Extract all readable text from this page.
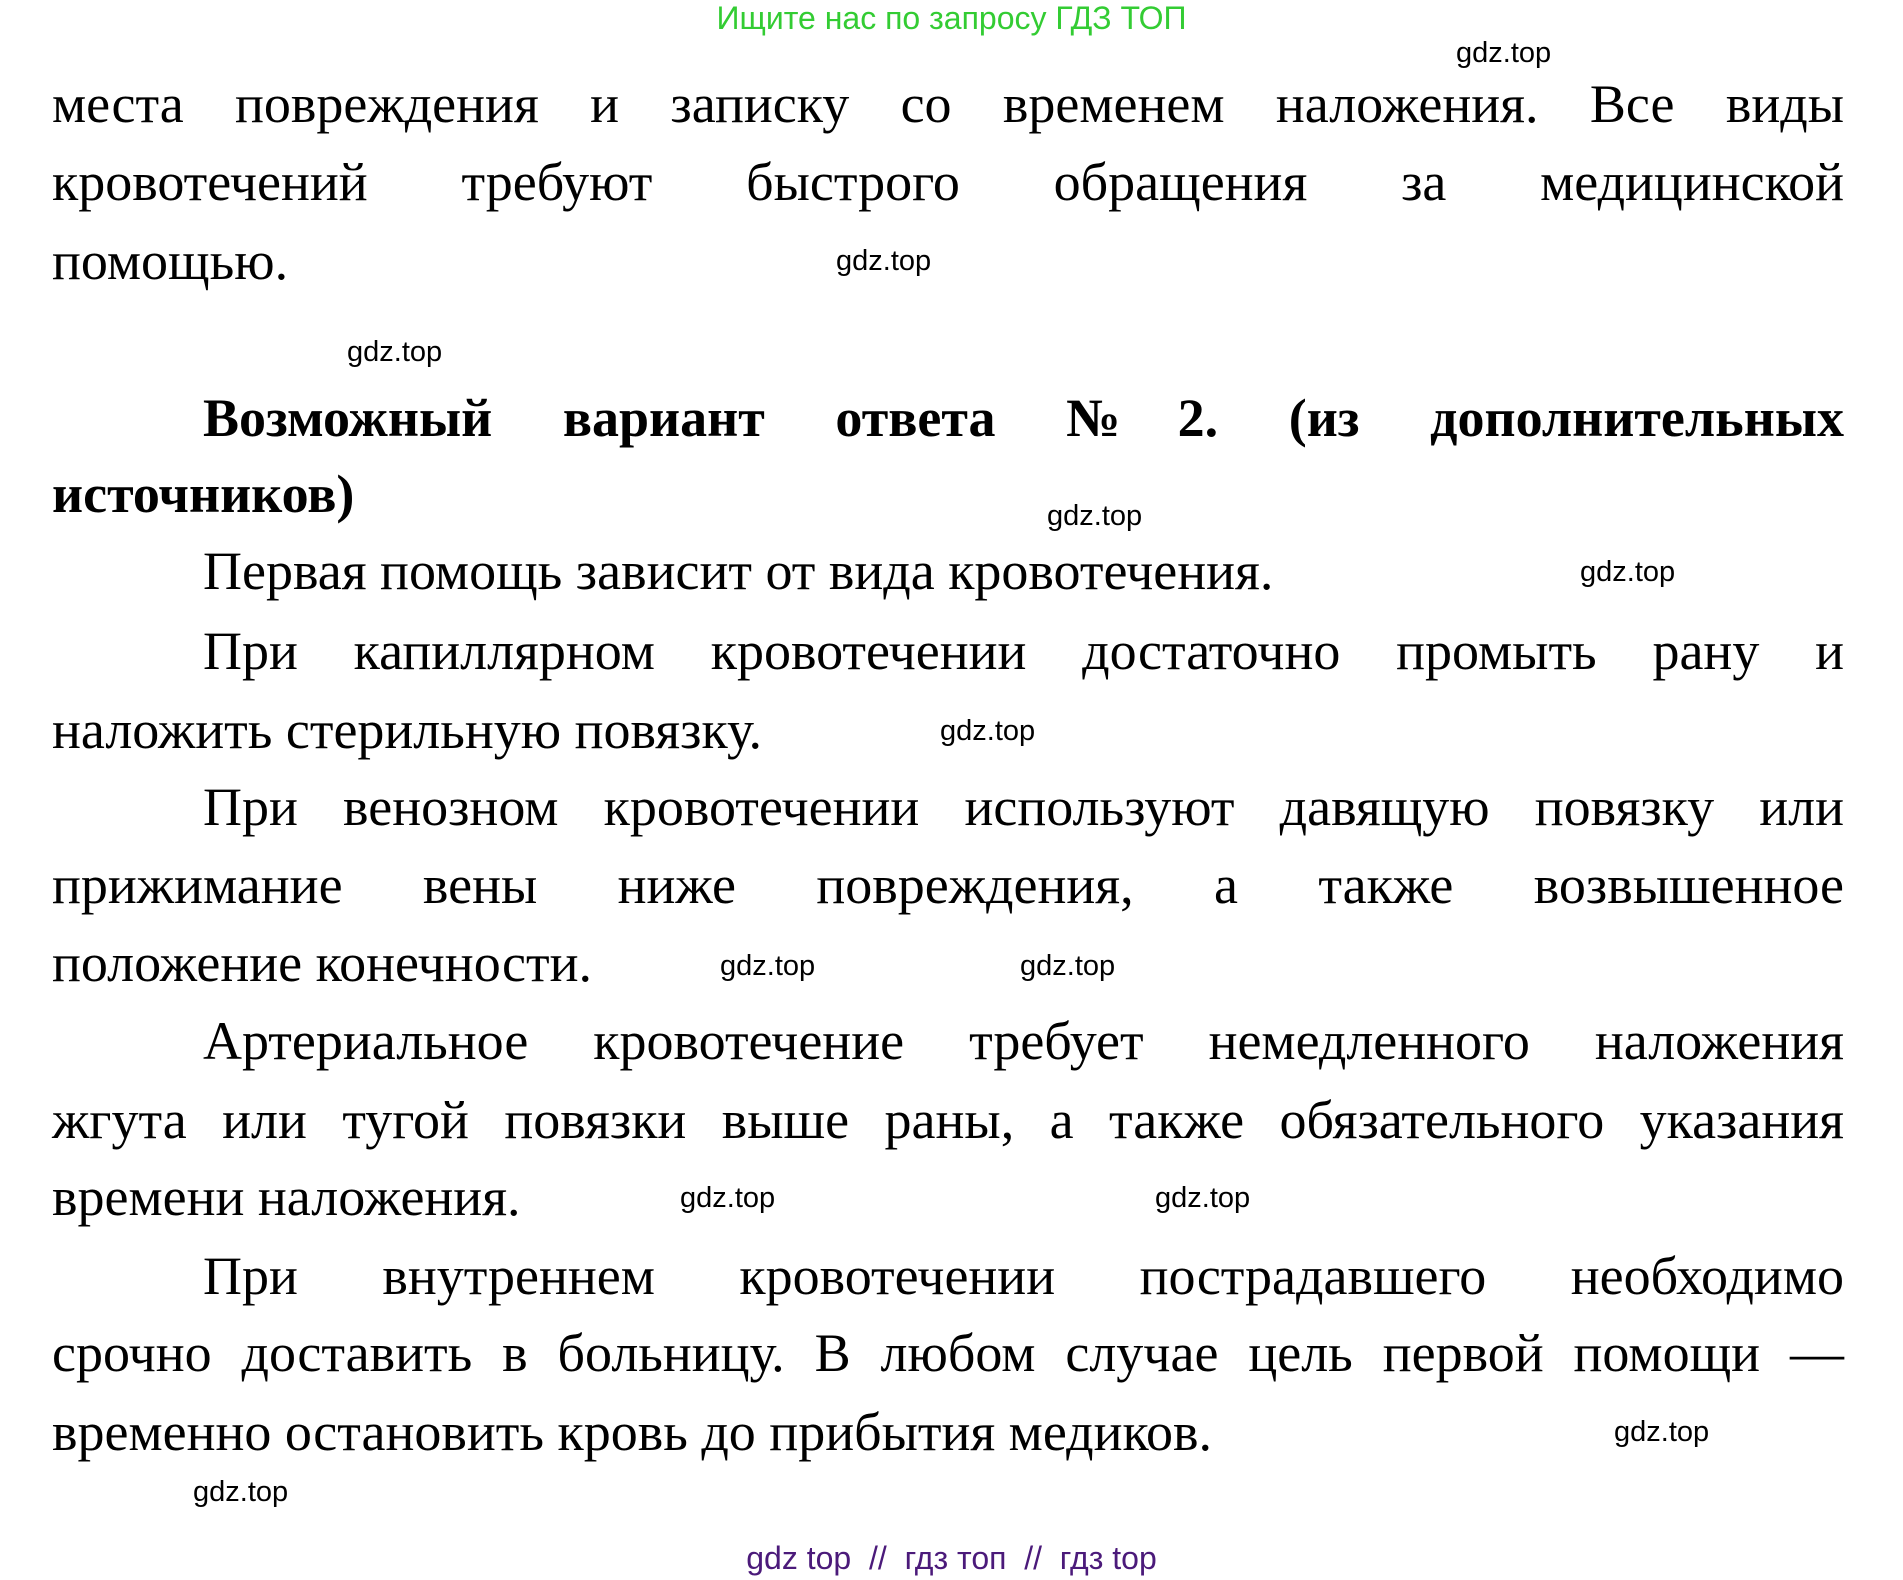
Ищите нас по запросу ГДЗ ТОП
места повреждения и записку со временем наложения. Все виды
кровотечений требуют быстрого обращения за медицинской
помощью.
Возможный вариант ответа №2. (из дополнительных
источников)
Первая помощь зависит от вида кровотечения.
При капиллярном кровотечении достаточно промыть рану и
наложить стерильную повязку.
При венозном кровотечении используют давящую повязку или
прижимание вены ниже повреждения, а также возвышенное
положение конечности.
Артериальное кровотечение требует немедленного наложения
жгута или тугой повязки выше раны, а также обязательного указания
времени наложения.
При внутреннем кровотечении пострадавшего необходимо
срочно доставить в больницу. В любом случае цель первой помощи —
временно остановить кровь до прибытия медиков.
gdz.top
gdz.top
gdz.top
gdz.top
gdz.top
gdz.top
gdz.top
gdz.top
gdz.top
gdz.top
gdz.top
gdz.top
gdz top  //  гдз топ  //  гдз top
